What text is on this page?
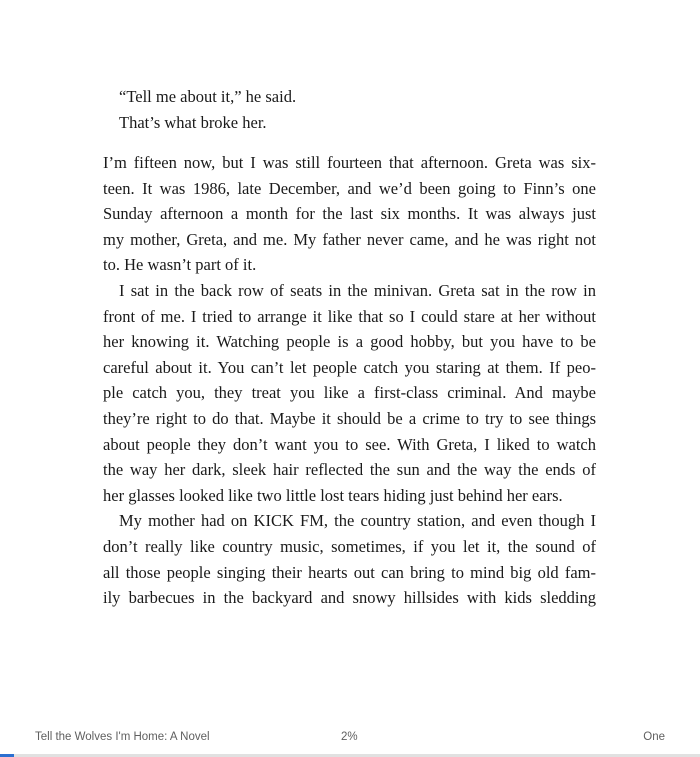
“Tell me about it,” he said.

That’s what broke her.

I’m fifteen now, but I was still fourteen that afternoon. Greta was six-

teen. It was 1986, late December, and we’d been going to Finn’s one

Sunday afternoon a month for the last six months. It was always just

my mother, Greta, and me. My father never came, and he was right not

to. He wasn’t part of it.

I sat in the back row of seats in the minivan. Greta sat in the row in

front of me. I tried to arrange it like that so I could stare at her without

her knowing it. Watching people is a good hobby, but you have to be

careful about it. You can’t let people catch you staring at them. If peo-

ple catch you, they treat you like a first-class criminal. And maybe

they’re right to do that. Maybe it should be a crime to try to see things

about people they don’t want you to see. With Greta, I liked to watch

the way her dark, sleek hair reflected the sun and the way the ends of

her glasses looked like two little lost tears hiding just behind her ears.

My mother had on KICK FM, the country station, and even though I

don’t really like country music, sometimes, if you let it, the sound of

all those people singing their hearts out can bring to mind big old fam-

ily barbecues in the backyard and snowy hillsides with kids sledding

Tell the Wolves I'm Home: A Novel	2%	One
